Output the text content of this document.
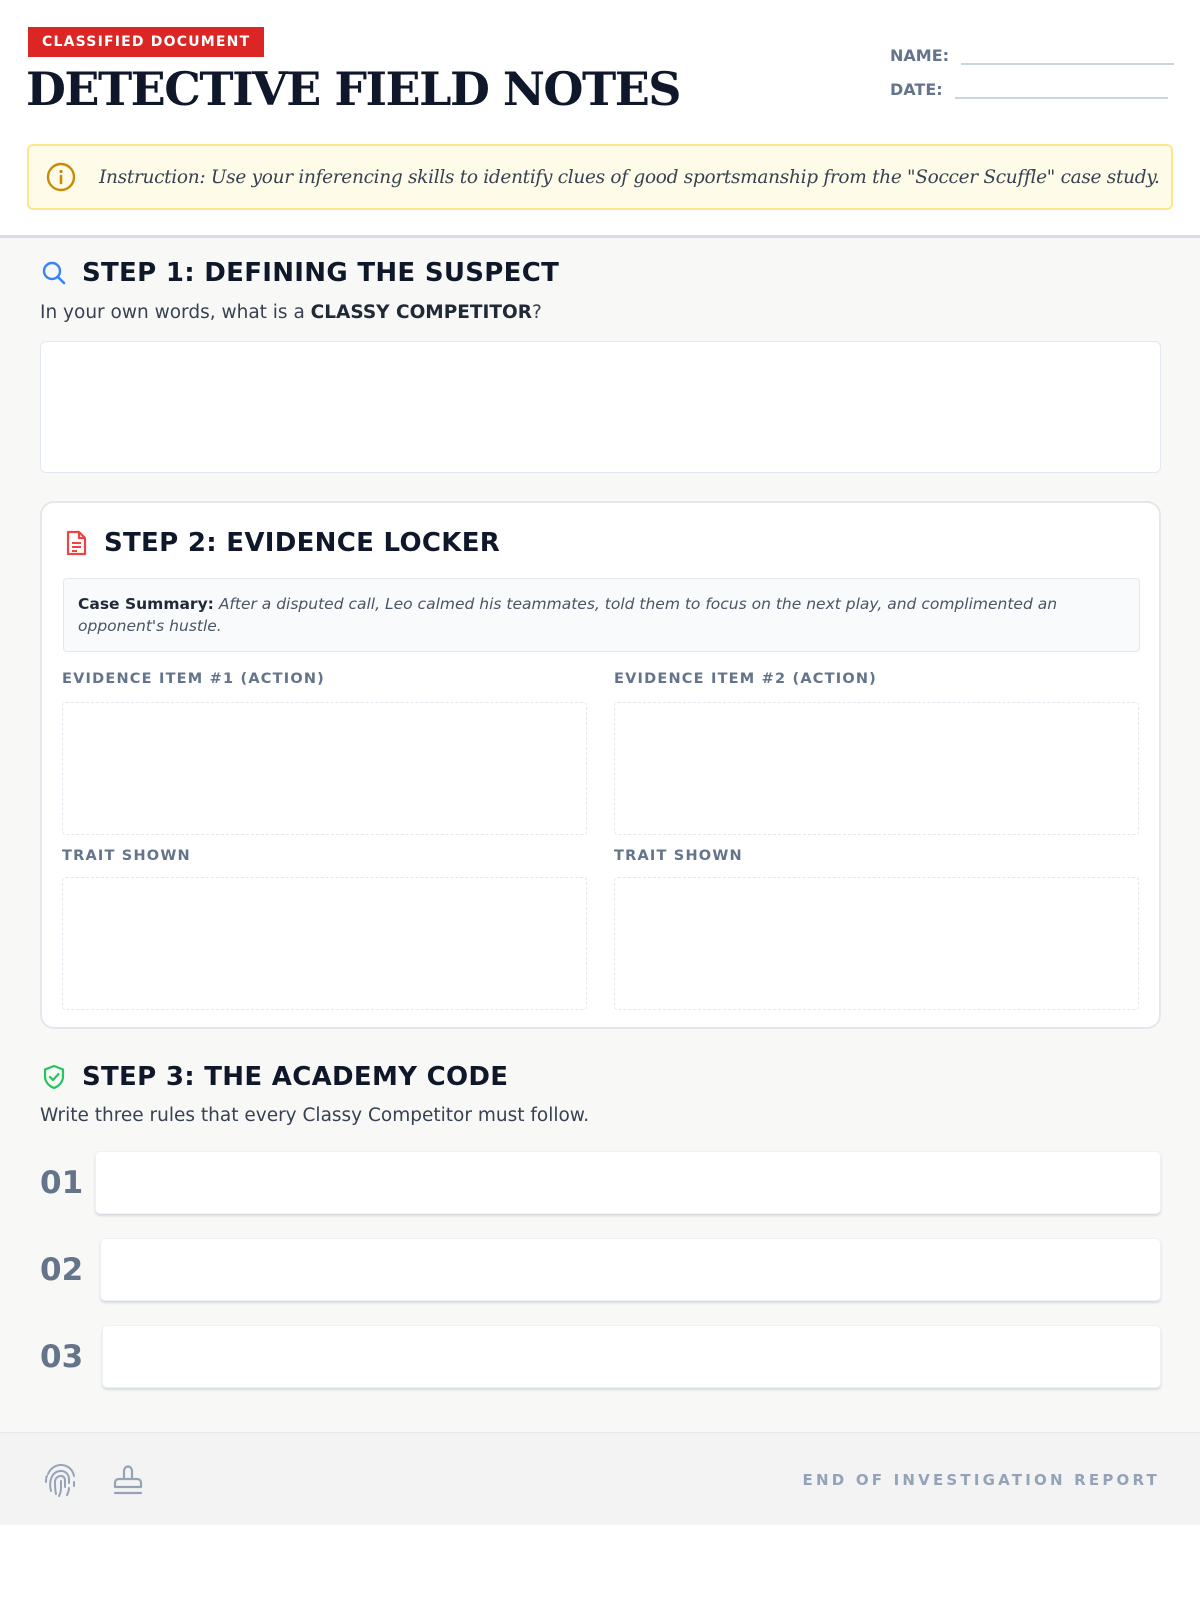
CLASSIFIED DOCUMENT
DETECTIVE FIELD NOTES
NAME:
DATE:
Instruction: Use your inferencing skills to identify clues of good sportsmanship from the "Soccer Scuffle" case study.
STEP 1: DEFINING THE SUSPECT
In your own words, what is a CLASSY COMPETITOR?
STEP 2: EVIDENCE LOCKER
Case Summary: After a disputed call, Leo calmed his teammates, told them to focus on the next play, and complimented an opponent's hustle.
EVIDENCE ITEM #1 (ACTION)	EVIDENCE ITEM #2 (ACTION)
TRAIT SHOWN	TRAIT SHOWN
STEP 3: THE ACADEMY CODE
Write three rules that every Classy Competitor must follow.
01
02
03
END OF INVESTIGATION REPORT
